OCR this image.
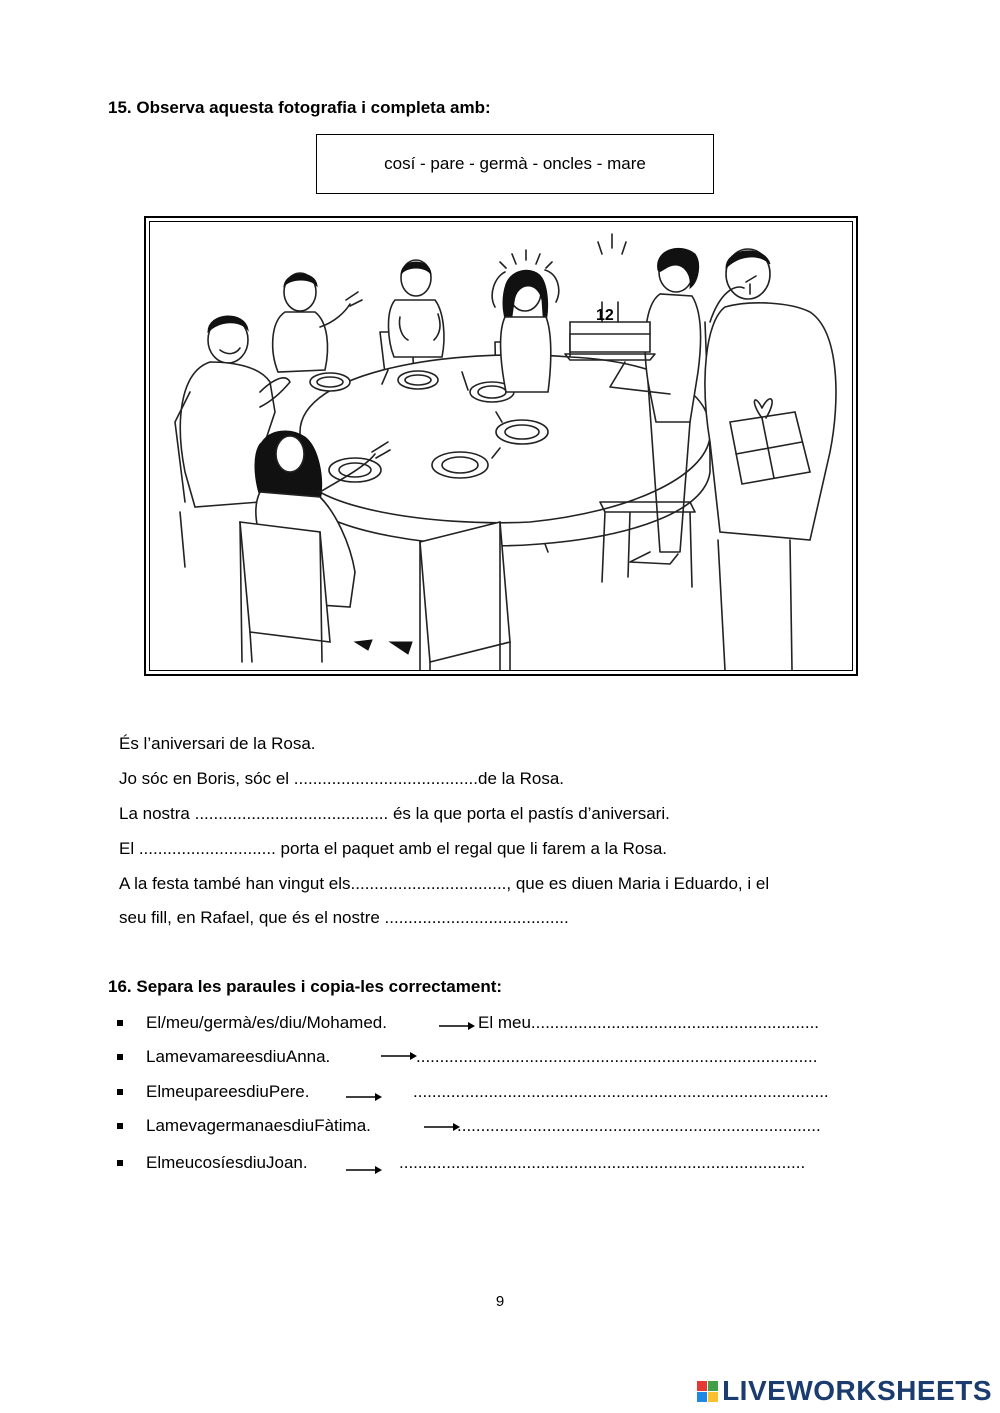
15. Observa aquesta fotografia i completa amb:
cosí - pare - germà - oncles - mare
12
És l’aniversari de la Rosa.
Jo sóc en Boris, sóc el .......................................de la Rosa.
La nostra ......................................... és la que porta el pastís d’aniversari.
El ............................. porta el paquet amb el regal que li farem a la Rosa.
A la festa també han vingut els................................., que es diuen Maria i Eduardo, i el
seu fill, en Rafael, que és el nostre .......................................
16. Separa les paraules i copia-les correctament:
El/meu/germà/es/diu/Mohamed.	El meu.............................................................
LamevamareesdiuAnna.	.....................................................................................
ElmeupareesdiuPere.	........................................................................................
LamevagermanaesdiuFàtima.	.............................................................................
ElmeucosíesdiuJoan.	......................................................................................
9
LIVEWORKSHEETS
